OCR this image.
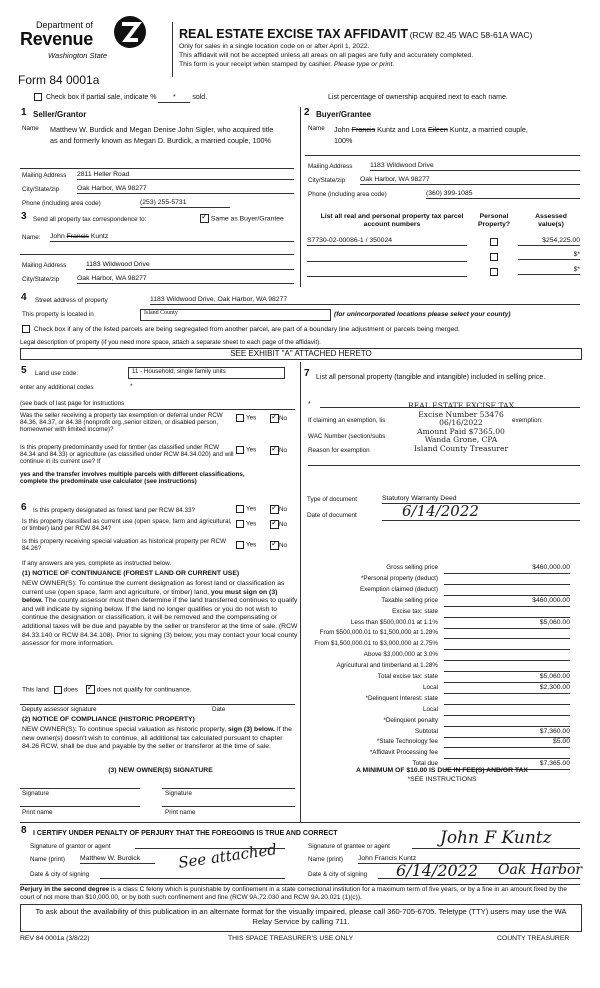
Department of
Revenue
Washington State
Form 84 0001a
REAL ESTATE EXCISE TAX AFFIDAVIT (RCW 82.45 WAC 58-61A WAC)
Only for sales in a single location code on or after April 1, 2022.
This affidavit will not be accepted unless all areas on all pages are fully and accurately completed.
This form is your receipt when stamped by cashier. Please type or print.
Check box if partial sale, indicate % * sold.	List percentage of ownership acquired next to each name.
1 Seller/Grantor
Name Matthew W. Burdick and Megan Denise John Sigler, who acquired title as and formerly known as Megan D. Burdick, a married couple, 100%
Mailing Address 2811 Heller Road
City/State/zip	Oak Harbor, WA 98277
Phone (including area code)	(253) 255-5731
2 Buyer/Grantee
Name John Francis Kuntz and Lora Eileen Kuntz, a married couple,
100%
Mailing Address	1183 Wildwood Drive
City/State/zip Oak Harbor, WA 98277
Phone (including area code)	(360) 399-1085
3 Send all property tax correspondence to: ✓	Same as Buyer/Grantee
Name: John Francis Kuntz
Mailing Address	1183 Wildwood Drive
City/State/zip	Oak Harbor, WA 98277
List all real and personal property tax parcel account numbers
Personal Property?
Assessed value(s)
S7730-02-00086-1 / 350024	$254,225.00
$*
$*
4 Street address of property	1183 Wildwood Drive, Oak Harbor, WA 98277
This property is located in	Island County	(for unincorporated locations please select your county)
Check box if any of the listed parcels are being segregated from another parcel, are part of a boundary line adjustment or parcels being merged.
Legal description of property (if you need more space, attach a separate sheet to each page of the affidavit).
SEE EXHIBIT "A" ATTACHED HERETO
5 Land use code:	11 - Household, single family units
enter any additional codes	*
(see back of last page for instructions
Was the seller receiving a property tax exemption or deferral under RCW 84.36, 84.37, or 84.38 (nonprofit org.,senior citizen, or disabled person, homeowner with limited income)?
Yes ✓	No
Is this property predominantly used for timber (as classified under RCW 84.34 and 84.33) or agriculture (as classified under RCW 84.34.020) and will continue in its current use? If
yes and the transfer involves multiple parcels with different classifications, complete the predominate use calculator (see instructions)
Yes ✓	No
6 Is this property designated as forest land per RCW 84.33?	Yes ✓	No
Is this property classified as current use (open space, farm and agricultural, or timber) land per RCW 84.34?
Yes ✓	No
Is this property receiving special valuation as historical property per RCW 84.26?
Yes ✓	No
If any answers are yes, complete as instructed below.
(1) NOTICE OF CONTINUANCE (FOREST LAND OR CURRENT USE)
NEW OWNER(S): To continue the current designation as forest land or classification as current use (open space, farm and agriculture, or timber) land, you must sign on (3) below. The county assessor must then determine if the land transferred continues to qualify and will indicate by signing below. If the land no longer qualifies or you do not wish to continue the designation or classification, it will be removed and the compensating or additional taxes will be due and payable by the seller or transferor at the time of sale. (RCW 84.33.140 or RCW 84.34.108). Prior to signing (3) below, you may contact your local county assessor for more information.
This land does ✓	does not qualify for continuance.
Deputy assessor signature	Date
(2) NOTICE OF COMPLIANCE (HISTORIC PROPERTY)
NEW OWNER(S): To continue special valuation as historic property, sign (3) below. If the new owner(s) doesn't wish to continue, all additional tax calculated pursuant to chapter 84.26 RCW, shall be due and payable by the seller or transferor at the time of sale.
(3) NEW OWNER(S) SIGNATURE
Signature	Signature
Print name	Print name
7 List all personal property (tangible and intangible) included in selling price.
*
If claiming an exemption, lis	exemption:
WAC Number (section/subs
Reason for exemption
REAL ESTATE EXCISE TAX
Excise Number 53476
06/16/2022
Amount Paid $7365.00
Wanda Grone, CPA
Island County Treasurer
Type of document	Statutory Warranty Deed
Date of document	6/14/2022
Gross selling price	$460,000.00
*Personal property (deduct)
Exemption claimed (deduct)
Taxable selling price	$460,000.00
Excise tax: state
Less than $500,000.01 at 1.1%	$5,060.00
From $500,000.01 to $1,500,000 at 1.28%
From $1,500,000.01 to $3,000,000 at 2.75%
Above $3,000,000 at 3.0%
Agricultural and timberland at 1.28%
Total excise tax: state	$5,060.00
Local	$2,300.00
*Delinquent Interest: state
Local
*Delinquent penalty
Subtotal	$7,360.00
*State Technology fee	$5.00
*Affidavit Processing fee
Total due	$7,365.00
A MINIMUM OF $10.00 IS DUE IN FEE(S) AND/OR TAX
*SEE INSTRUCTIONS
8 I CERTIFY UNDER PENALTY OF PERJURY THAT THE FOREGOING IS TRUE AND CORRECT
Signature of grantor or agent
Name (print) Matthew W. Burdick
Date & city of signing
See attached	Signature of grantee or agent	John F Kuntz
Name (print) John Francis Kuntz
Date & city of signing 6/14/2022 Oak Harbor
Perjury in the second degree is a class C felony which is punishable by confinement in a state correctional institution for a maximum term of five years, or by a fine in an amount fixed by the court of not more than $10,000.00, or by both such confinement and fine (RCW 9A.72.030 and RCW 9A.20.021 (1)(c)).
To ask about the availability of this publication in an alternate format for the visually impaired, please call 360-705-6705. Teletype (TTY) users may use the WA Relay Service by calling 711.
REV 84 0001a (3/8/22)	THIS SPACE TREASURER'S USE ONLY	COUNTY TREASURER
